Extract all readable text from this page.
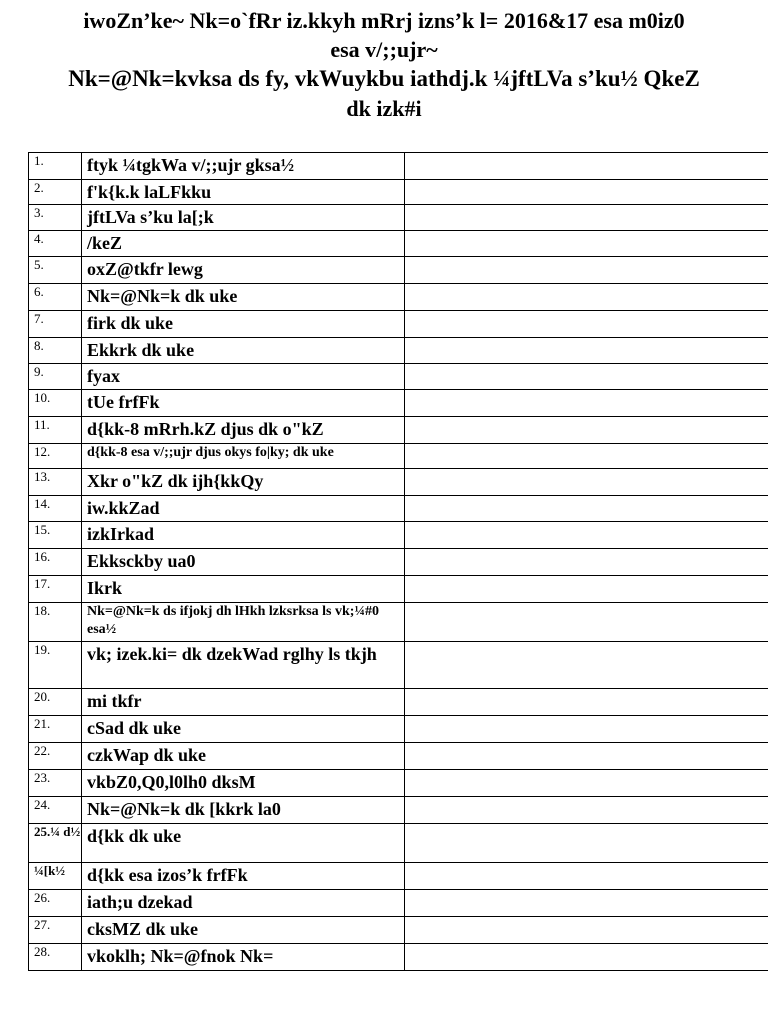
iwoZn’ke~ Nk=o`fRr iz.kkyh mRrj izns’k l= 2016&17 esa m0iz0
esa v/;;ujr~
Nk=@Nk=kvksa ds fy, vkWuykbu iathdj.k ¼jftLVa s’ku½ QkeZ
dk izk#i
1.	ftyk ¼tgkWa v/;;ujr gksa½	
2.	f'k{k.k laLFkku	
3.	jftLVa s’ku la[;k	
4.	/keZ	
5.	oxZ@tkfr lewg	
6.	Nk=@Nk=k dk uke	
7.	firk dk uke	
8.	Ekkrk dk uke	
9.	fyax	
10.	tUe frfFk	
11.	d{kk-8 mRrh.kZ djus dk o"kZ	
12.	d{kk-8 esa v/;;ujr djus okys fo|ky; dk uke	
13.	Xkr o"kZ dk ijh{kkQy	
14.	iw.kkZad	
15.	izkIrkad	
16.	Ekksckby ua0	
17.	Ikrk	
18.	Nk=@Nk=k ds ifjokj dh lHkh lzksrksa ls vk;¼#0 esa½	
19.	vk; izek.ki= dk dzekWad rglhy ls tkjh	
20.	mi tkfr	
21.	cSad dk uke	
22.	czkWap dk uke	
23.	vkbZ0,Q0,l0lh0 dksM	
24.	Nk=@Nk=k dk [kkrk la0	
25.¼ d½	d{kk dk uke	
¼[k½	d{kk esa izos’k frfFk	
26.	iath;u dzekad	
27.	cksMZ dk uke	
28.	vkoklh; Nk=@fnok Nk=	
